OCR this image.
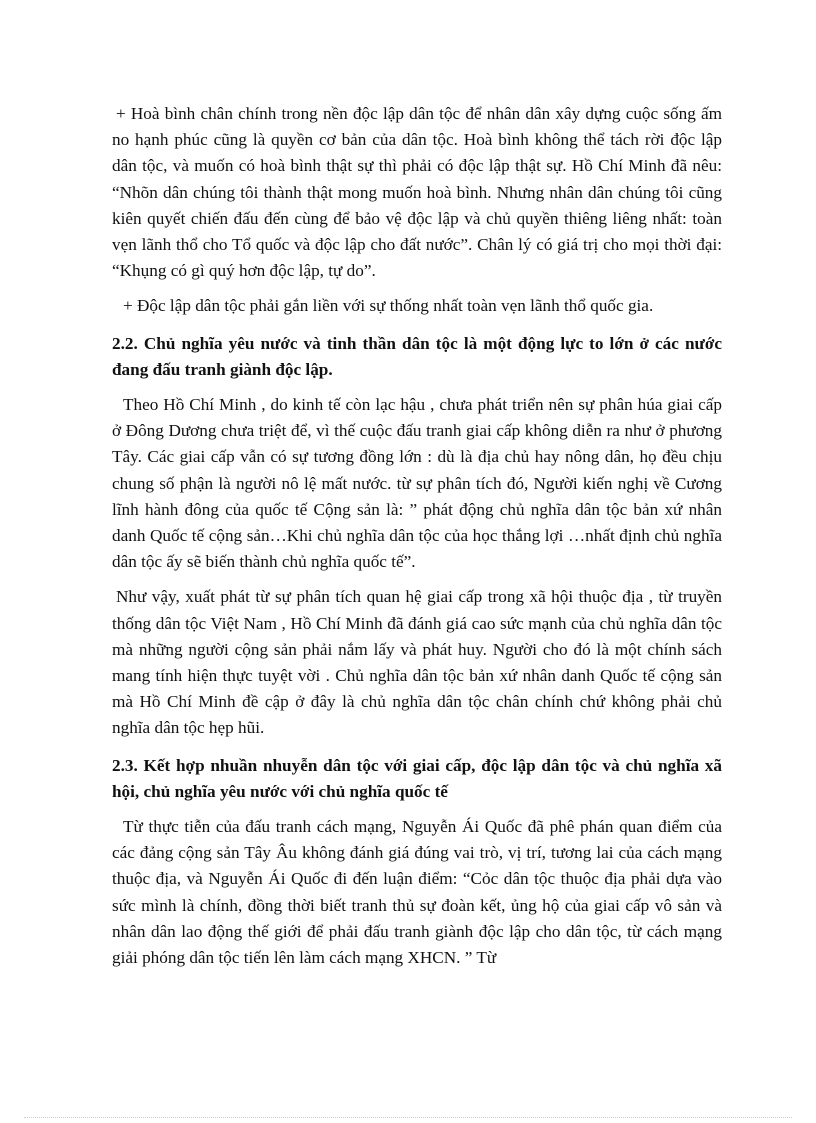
+ Hoà bình chân chính trong nền độc lập dân tộc để nhân dân xây dựng cuộc sống ấm no hạnh phúc cũng là quyền cơ bản của dân tộc. Hoà bình không thể tách rời độc lập dân tộc, và muốn có hoà bình thật sự thì phải có độc lập thật sự. Hồ Chí Minh đã nêu: “Nhõn dân chúng tôi thành thật mong muốn hoà bình. Nhưng nhân dân chúng tôi cũng kiên quyết chiến đấu đến cùng để bảo vệ độc lập và chủ quyền thiêng liêng nhất: toàn vẹn lãnh thổ cho Tổ quốc và độc lập cho đất nước”. Chân lý có giá trị cho mọi thời đại: “Khụng có gì quý hơn độc lập, tự do”.

+ Độc lập dân tộc phải gắn liền với sự thống nhất toàn vẹn lãnh thổ quốc gia.

2.2. Chủ nghĩa yêu nước và tinh thần dân tộc là một động lực to lớn ở các nước đang đấu tranh giành độc lập.

Theo Hồ Chí Minh , do kinh tế còn lạc hậu , chưa phát triển nên sự phân húa giai cấp ở Đông Dương chưa triệt để, vì thế cuộc đấu tranh giai cấp không diễn ra như ở phương Tây. Các giai cấp vẫn có sự tương đồng lớn : dù là địa chủ hay nông dân, họ đều chịu chung số phận là người nô lệ mất nước. từ sự phân tích đó, Người kiến nghị về Cương lĩnh hành đông của quốc tế Cộng sản là: ” phát động chủ nghĩa dân tộc bản xứ nhân danh Quốc tế cộng sản…Khi chủ nghĩa dân tộc của học thắng lợi …nhất định chủ nghĩa dân tộc ấy sẽ biến thành chủ nghĩa quốc tế”.

Như vậy, xuất phát từ sự phân tích quan hệ giai cấp trong xã hội thuộc địa , từ truyền thống dân tộc Việt Nam , Hồ Chí Minh đã đánh giá cao sức mạnh của chủ nghĩa dân tộc mà những người cộng sản phải nắm lấy và phát huy. Người cho đó là một chính sách mang tính hiện thực tuyệt vời . Chủ nghĩa dân tộc bản xứ nhân danh Quốc tế cộng sản mà Hồ Chí Minh đề cập ở đây là chủ nghĩa dân tộc chân chính chứ không phải chủ nghĩa dân tộc hẹp hũi.

2.3. Kết hợp nhuần nhuyễn dân tộc với giai cấp, độc lập dân tộc và chủ nghĩa xã hội, chủ nghĩa yêu nước với chủ nghĩa quốc tế

Từ thực tiễn của đấu tranh cách mạng, Nguyễn Ái Quốc đã phê phán quan điểm của các đảng cộng sản Tây Âu không đánh giá đúng vai trò, vị trí, tương lai của cách mạng thuộc địa, và Nguyễn Ái Quốc đi đến luận điểm: “Cỏc dân tộc thuộc địa phải dựa vào sức mình là chính, đồng thời biết tranh thủ sự đoàn kết, ủng hộ của giai cấp vô sản và nhân dân lao động thế giới để phải đấu tranh giành độc lập cho dân tộc, từ cách mạng giải phóng dân tộc tiến lên làm cách mạng XHCN. ” Từ
